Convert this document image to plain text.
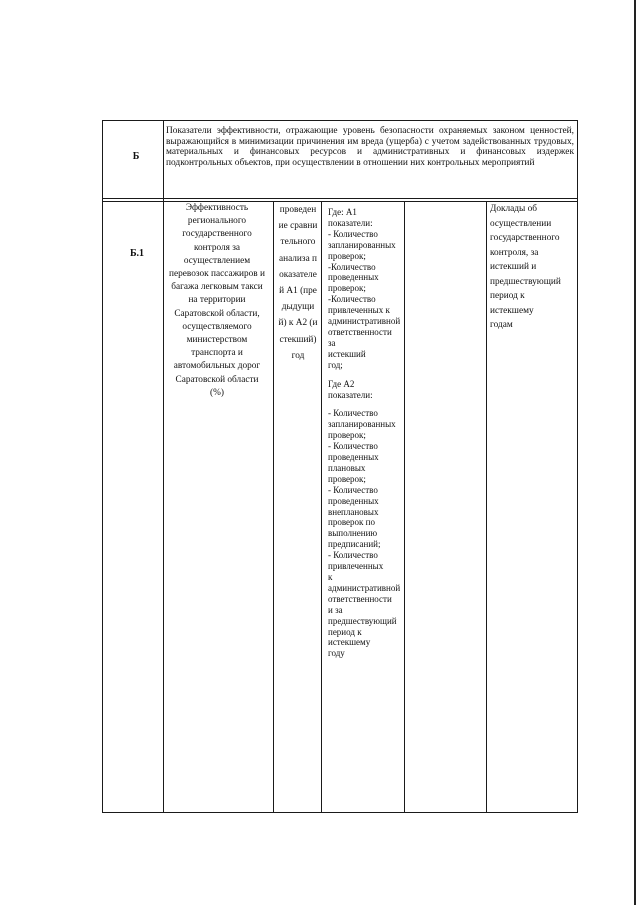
Б
Показатели эффективности, отражающие уровень безопасности охраняемых законом ценностей, выражающийся в минимизации причинения им вреда (ущерба) с учетом задействованных трудовых, материальных и финансовых ресурсов и административных и финансовых издержек подконтрольных объектов, при осуществлении в отношении них контрольных мероприятий
Б.1
Эффективность регионального государственного контроля за осуществлением перевозок пассажиров и багажа легковым такси на территории Саратовской области, осуществляемого министерством транспорта и автомобильных дорог Саратовской области (%)
проведение сравнительного анализа показателей А1 (предыдущий) к А2 (истекший) год
Где: А1
показатели:
- Количество
запланированных
проверок;
-Количество
проведенных
проверок;
-Количество
привлеченных к
административной
ответственности за
истекший
год;
Где А2
показатели:
- Количество
запланированных проверок;
- Количество
проведенных
плановых
проверок;
- Количество
проведенных
внеплановых
проверок по
выполнению
предписаний;
- Количество
привлеченных
к
административной
ответственности
и за
предшествующий период к
истекшему
году
Доклады об
осуществлении
государственного контроля, за
истекший и
предшествующий период к
истекшему
годам
